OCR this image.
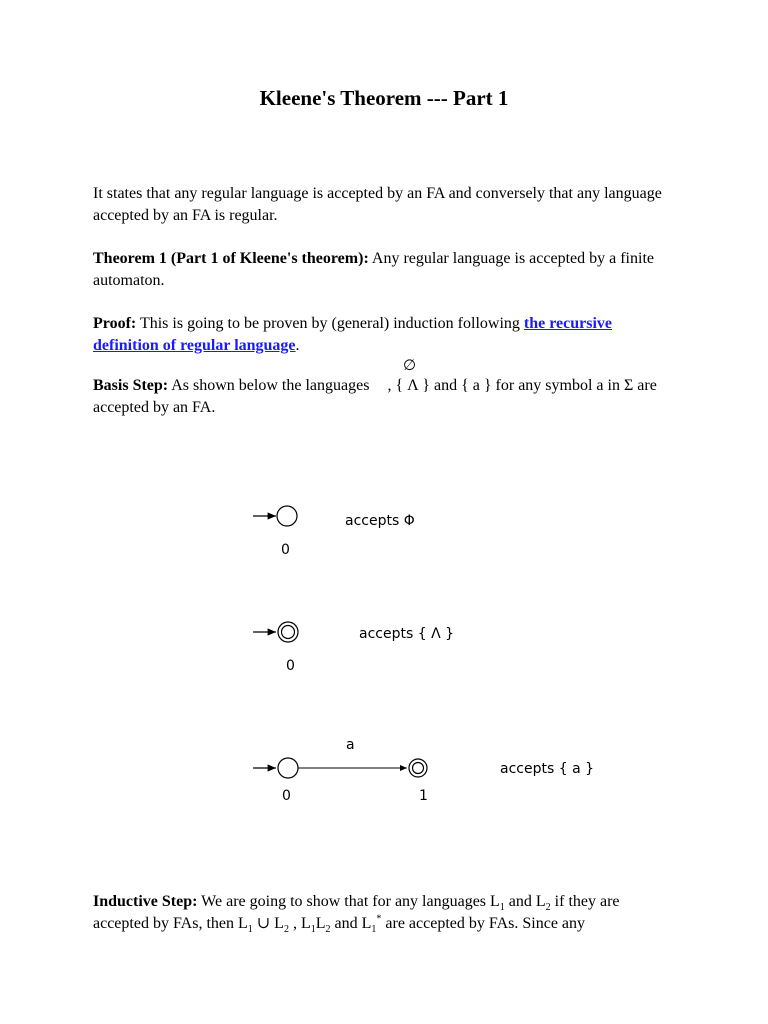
Kleene's Theorem --- Part 1
It states that any regular language is accepted by an FA and conversely that any language accepted by an FA is regular.
Theorem 1 (Part 1 of Kleene's theorem): Any regular language is accepted by a finite automaton.
Proof: This is going to be proven by (general) induction following the recursive definition of regular language.
∅
Basis Step: As shown below the languages  , { Λ } and { a } for any symbol a in Σ are accepted by an FA.
0
accepts Φ
0
accepts { Λ }
a
0	1
accepts { a }
Inductive Step: We are going to show that for any languages $L_1$ and $L_2$ if they are accepted by FAs, then $L_1$ ∪ $L_2$ , $L_1L_2$ and $L_1^*$ are accepted by FAs. Since any
